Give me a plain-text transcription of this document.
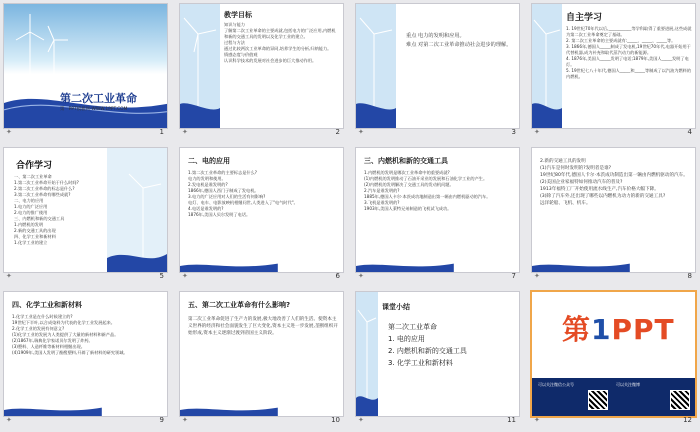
第二次工业革命
第一PPT模板网-WWW.1PPT.COM
✦	1
教学目标
知识与能力
了解第二次工业革命的主要成就,包括电力的广泛应用,内燃机和新的交通工具的发明以及化学工业的建立。
过程与方法
通过比较两次工业革命的异同,培养学生的分析,归纳能力。
情感态度与价值观
认识科学技术的发展对社会进步的巨大推动作用。
✦	2
重点 电力的发明和应用。
难点 对第二次工业革命推动社会进步的理解。
✦	3
自主学习
1. 19世纪70年代以后,___________等学科取得了重要进展,这些成就为第二次工业革命奠定了基础。
2. 第二次工业革命的主要成就有:_____、_____、_____等。
3. 1866年,德国人_____制成了发电机,19世纪70年代,电器开始用于代替机器,成为补充和取代蒸汽动力的新能源。
4. 1876年,美国人_____发明了电话;1879年,美国人_____发明了电灯。
5. 19世纪七八十年代,德国人_____和_____等制成了以汽油为燃料的内燃机。
✦	4
合作学习
一、第二次工业革命
1.第二次工业革命开始于什么时间?
2.第二次工业革命的标志是什么?
3.第二次工业革命有哪些成就?
二、电力的应用
1.电力的广泛应用
2.电力的推广使用
三、内燃机和新的交通工具
1.内燃机的发明
2.新的交通工具的出现
四、化学工业和新材料
1.化学工业的建立
✦	5
二、电的应用
1.第二次工业革命的主要标志是什么?
电力的发明和使用。
2.发电机是谁发明的?
1866年,德国人西门子制成了发电机。
3.电力的广泛应用对人们的生活有何影响?
电灯、电车、电影放映机相继问世,人类进入了"电气时代"。
4.电话是谁发明的?
1876年,美国人贝尔发明了电话。
✦	6
三、内燃机和新的交通工具
1.内燃机的发明是哪次工业革命中的重要成就?
(1)内燃机的发明推动了石油开采业的发展和石油化学工业的产生。
(2)内燃机的发明解决了交通工具的发动机问题。
2.汽车是谁发明的?
1885年,德国人卡尔·本茨成功地制造出第一辆由内燃机驱动的汽车。
3.飞机是谁发明的?
1903年,美国人莱特兄弟制造的飞机试飞成功。
✦	7
2.新的交通工具的发明
(1)汽车是何时发明的?发明者是谁?
19世纪80年代,德国人卡尔·本茨成功制造出第一辆由内燃机驱动的汽车。
(2)美国企业家福特如何推动汽车的普及?
1913年福特工厂开始使用流水线生产,汽车价格大幅下降。
(3)除了汽车外,还出现了哪些以内燃机为动力的新的交通工具?
远洋轮船、飞机、机车。
✦	8
四、化学工业和新材料
1.化学工业是在什么时候建立的?
19世纪下半叶,以合成染料为代表的化学工业发展起来。
2.化学工业的发展有何意义?
(1)化学工业的发展为人类提供了大量的新材料和新产品。
(2)1867年,瑞典化学家诺贝尔发明了炸药。
(3)塑料、人造纤维等新材料相继出现。
(4)1909年,美国人发明了酚醛塑料,开辟了新材料的研究领域。
✦	9
五、第二次工业革命有什么影响?
第二次工业革命促进了生产力的发展,极大地改善了人们的生活。使资本主义世界的经济和社会面貌发生了巨大变化,资本主义进一步发展,垄断组织开始形成,资本主义逐渐过渡到帝国主义阶段。
✦	10
课堂小结
第二次工业革命
1. 电的应用
2. 内燃机和新的交通工具
3. 化学工业和新材料
✦	11
第1PPT
可以关注微信公众号	可以关注微博
✦	12
